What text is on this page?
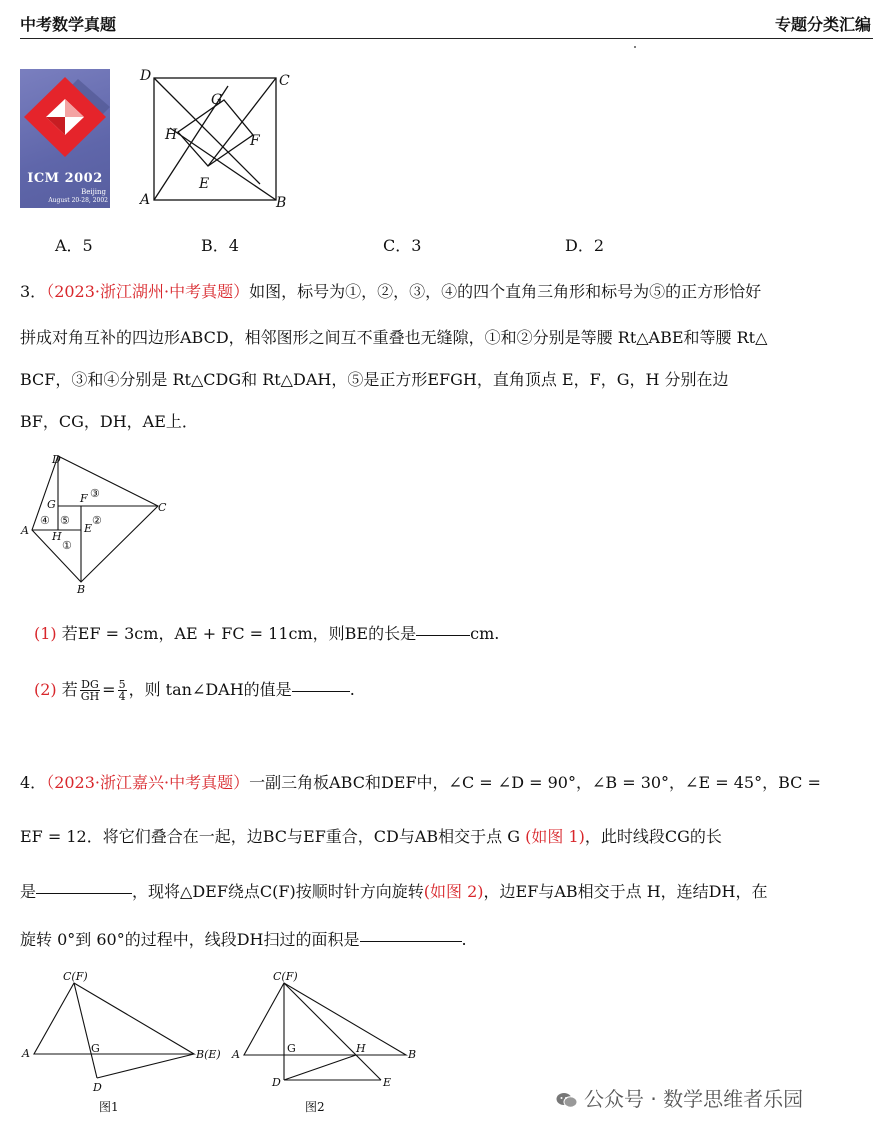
中考数学真题	专题分类汇编
ICM 2002
Beijing
August 20-28, 2002
D	C
A	B
G
H	F
E
A．5	B．4	C．3	D．2
3．（2023·浙江湖州·中考真题）如图，标号为①，②，③，④的四个直角三角形和标号为⑤的正方形恰好
拼成对角互补的四边形ABCD，相邻图形之间互不重叠也无缝隙，①和②分别是等腰 Rt△ABE和等腰 Rt△
BCF，③和④分别是 Rt△CDG和 Rt△DAH，⑤是正方形EFGH，直角顶点 E，F，G，H 分别在边
BF，CG，DH，AE上．
D
C
A
B
G F
H
E
③
④ ⑤ ②
①
(1) 若EF = 3cm，AE + FC = 11cm，则BE的长是	cm.
(2) 若 $\frac{DG}{GH} = \frac{5}{4}$ ，则 tan∠DAH的值是	.
4．（2023·浙江嘉兴·中考真题）一副三角板ABC和DEF中，∠C = ∠D = 90°，∠B = 30°，∠E = 45°，BC =
EF = 12．将它们叠合在一起，边BC与EF重合，CD与AB相交于点 G (如图 1)，此时线段CG的长
是	，现将△DEF绕点C(F)按顺时针方向旋转(如图 2)，边EF与AB相交于点 H，连结DH，在
旋转 0°到 60°的过程中，线段DH扫过的面积是	.
C(F)
A	G	B(E)
D
图1
C(F)
A	G	H	B
D	E
图2	公众号 · 数学思维者乐园
